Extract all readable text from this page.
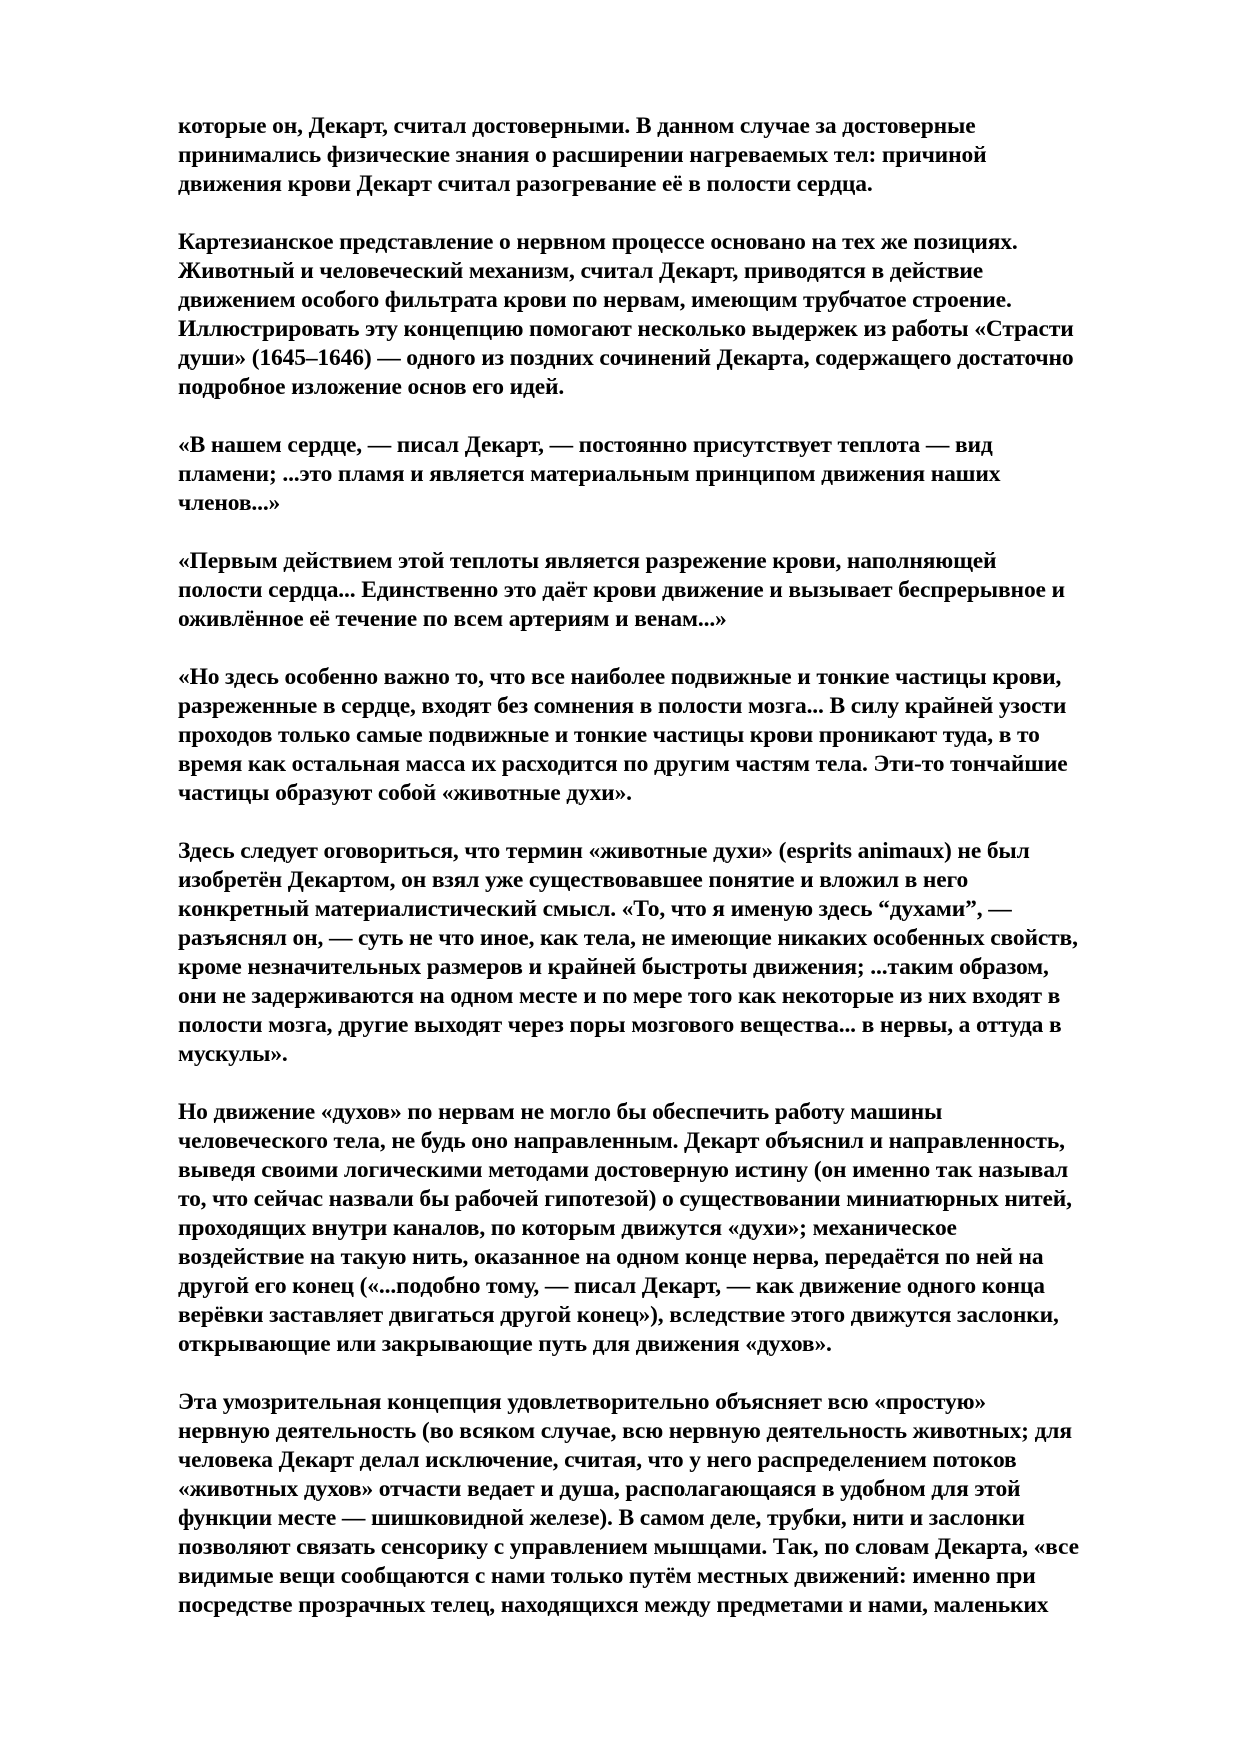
которые он, Декарт, считал достоверными. В данном случае за достоверные
принимались физические знания о расширении нагреваемых тел: причиной
движения крови Декарт считал разогревание её в полости сердца.

Картезианское представление о нервном процессе основано на тех же позициях.
Животный и человеческий механизм, считал Декарт, приводятся в действие
движением особого фильтрата крови по нервам, имеющим трубчатое строение.
Иллюстрировать эту концепцию помогают несколько выдержек из работы «Страсти
души» (1645–1646) — одного из поздних сочинений Декарта, содержащего достаточно
подробное изложение основ его идей.

«В нашем сердце, — писал Декарт, — постоянно присутствует теплота — вид
пламени; ...это пламя и является материальным принципом движения наших
членов...»

«Первым действием этой теплоты является разрежение крови, наполняющей
полости сердца... Единственно это даёт крови движение и вызывает беспрерывное и
оживлённое её течение по всем артериям и венам...»

«Но здесь особенно важно то, что все наиболее подвижные и тонкие частицы крови,
разреженные в сердце, входят без сомнения в полости мозга... В силу крайней узости
проходов только самые подвижные и тонкие частицы крови проникают туда, в то
время как остальная масса их расходится по другим частям тела. Эти-то тончайшие
частицы образуют собой «животные духи».

Здесь следует оговориться, что термин «животные духи» (esprits animaux) не был
изобретён Декартом, он взял уже существовавшее понятие и вложил в него
конкретный материалистический смысл. «То, что я именую здесь “духами”, —
разъяснял он, — суть не что иное, как тела, не имеющие никаких особенных свойств,
кроме незначительных размеров и крайней быстроты движения; ...таким образом,
они не задерживаются на одном месте и по мере того как некоторые из них входят в
полости мозга, другие выходят через поры мозгового вещества... в нервы, а оттуда в
мускулы».

Но движение «духов» по нервам не могло бы обеспечить работу машины
человеческого тела, не будь оно направленным. Декарт объяснил и направленность,
выведя своими логическими методами достоверную истину (он именно так называл
то, что сейчас назвали бы рабочей гипотезой) о существовании миниатюрных нитей,
проходящих внутри каналов, по которым движутся «духи»; механическое
воздействие на такую нить, оказанное на одном конце нерва, передаётся по ней на
другой его конец («...подобно тому, — писал Декарт, — как движение одного конца
верёвки заставляет двигаться другой конец»), вследствие этого движутся заслонки,
открывающие или закрывающие путь для движения «духов».

Эта умозрительная концепция удовлетворительно объясняет всю «простую»
нервную деятельность (во всяком случае, всю нервную деятельность животных; для
человека Декарт делал исключение, считая, что у него распределением потоков
«животных духов» отчасти ведает и душа, располагающаяся в удобном для этой
функции месте — шишковидной железе). В самом деле, трубки, нити и заслонки
позволяют связать сенсорику с управлением мышцами. Так, по словам Декарта, «все
видимые вещи сообщаются с нами только путём местных движений: именно при
посредстве прозрачных телец, находящихся между предметами и нами, маленьких
